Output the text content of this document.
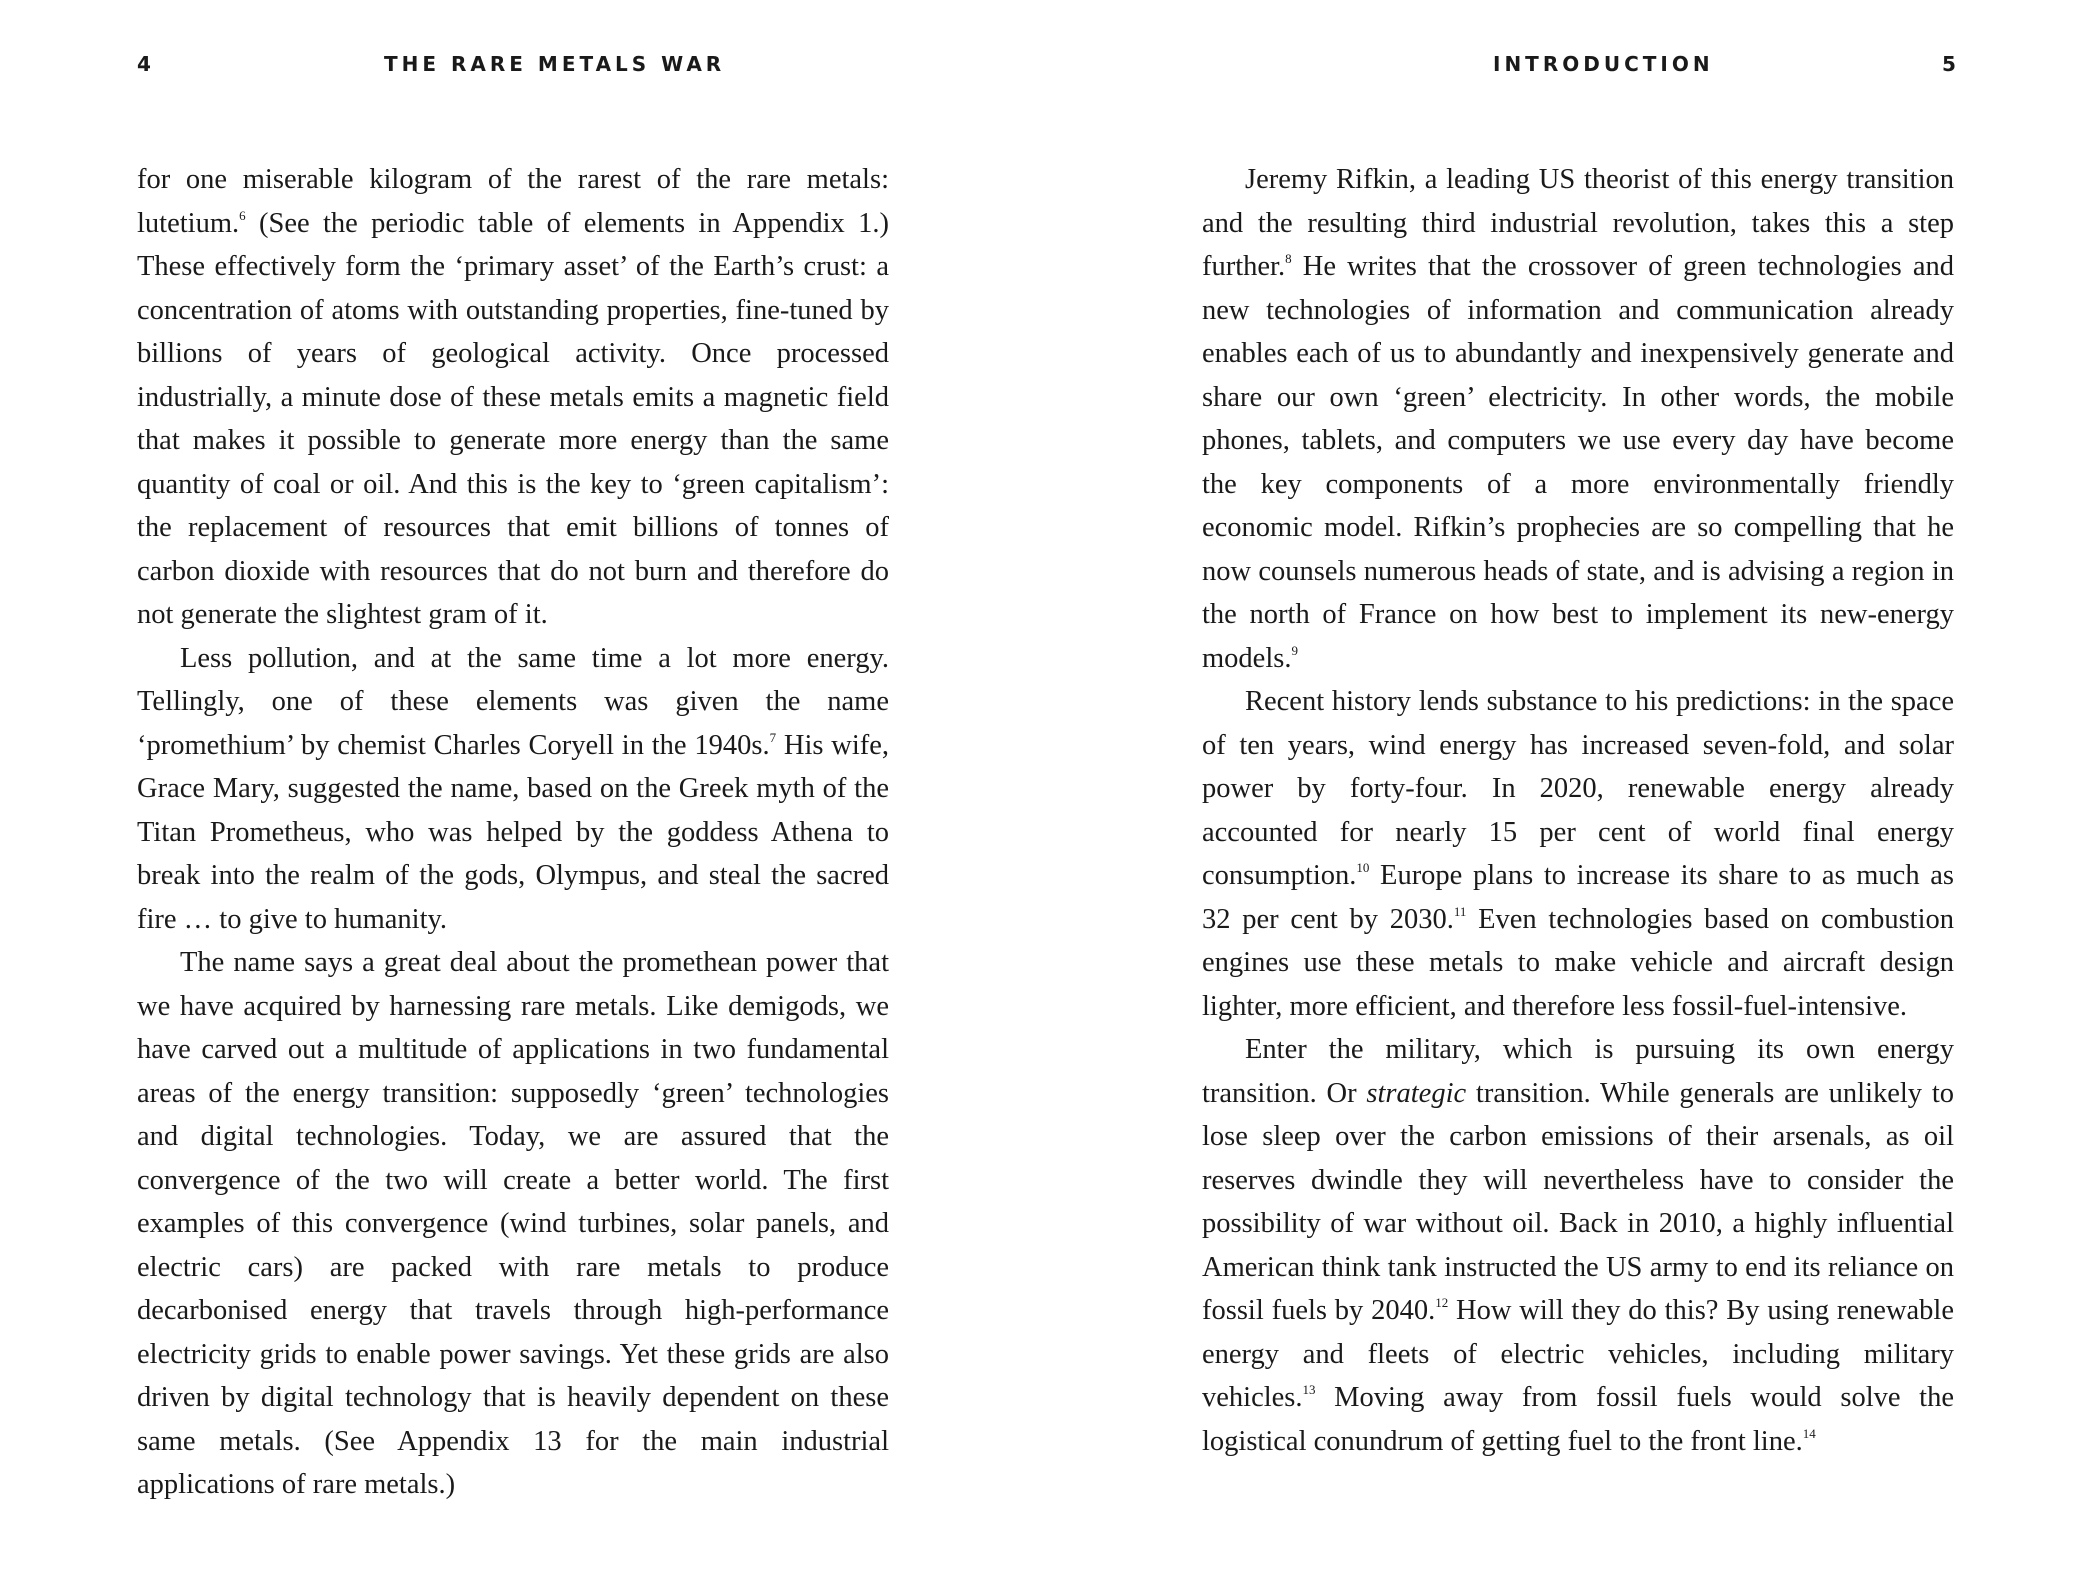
4	THE RARE METALS WAR

for one miserable kilogram of the rarest of the rare metals: lutetium.$^6$ (See the periodic table of elements in Appendix 1.) These effectively form the ‘primary asset’ of the Earth’s crust: a concentration of atoms with outstanding properties, fine-tuned by billions of years of geological activity. Once processed industrially, a minute dose of these metals emits a magnetic field that makes it possible to generate more energy than the same quantity of coal or oil. And this is the key to ‘green capitalism’: the replacement of resources that emit billions of tonnes of carbon dioxide with resources that do not burn and therefore do not generate the slightest gram of it.

Less pollution, and at the same time a lot more energy. Tellingly, one of these elements was given the name ‘promethium’ by chemist Charles Coryell in the 1940s.$^7$ His wife, Grace Mary, suggested the name, based on the Greek myth of the Titan Prometheus, who was helped by the goddess Athena to break into the realm of the gods, Olympus, and steal the sacred fire … to give to humanity.

The name says a great deal about the promethean power that we have acquired by harnessing rare metals. Like demigods, we have carved out a multitude of applications in two fundamental areas of the energy transition: supposedly ‘green’ technologies and digital technologies. Today, we are assured that the convergence of the two will create a better world. The first examples of this convergence (wind turbines, solar panels, and electric cars) are packed with rare metals to produce decarbonised energy that travels through high-performance electricity grids to enable power savings. Yet these grids are also driven by digital technology that is heavily dependent on these same metals. (See Appendix 13 for the main industrial applications of rare metals.)

INTRODUCTION	5

Jeremy Rifkin, a leading US theorist of this energy transition and the resulting third industrial revolution, takes this a step further.$^8$ He writes that the crossover of green technologies and new technologies of information and communication already enables each of us to abundantly and inexpensively generate and share our own ‘green’ electricity. In other words, the mobile phones, tablets, and computers we use every day have become the key components of a more environmentally friendly economic model. Rifkin’s prophecies are so compelling that he now counsels numerous heads of state, and is advising a region in the north of France on how best to implement its new-energy models.$^9$

Recent history lends substance to his predictions: in the space of ten years, wind energy has increased seven-fold, and solar power by forty-four. In 2020, renewable energy already accounted for nearly 15 per cent of world final energy consumption.$^{10}$ Europe plans to increase its share to as much as 32 per cent by 2030.11 Even technologies based on combustion engines use these metals to make vehicle and aircraft design lighter, more efficient, and therefore less fossil-fuel-intensive.

Enter the military, which is pursuing its own energy transition. Or strategic transition. While generals are unlikely to lose sleep over the carbon emissions of their arsenals, as oil reserves dwindle they will nevertheless have to consider the possibility of war without oil. Back in 2010, a highly influential American think tank instructed the US army to end its reliance on fossil fuels by 2040.12 How will they do this? By using renewable energy and fleets of electric vehicles, including military vehicles.$^{13}$ Moving away from fossil fuels would solve the logistical conundrum of getting fuel to the front line.$^{14}$
